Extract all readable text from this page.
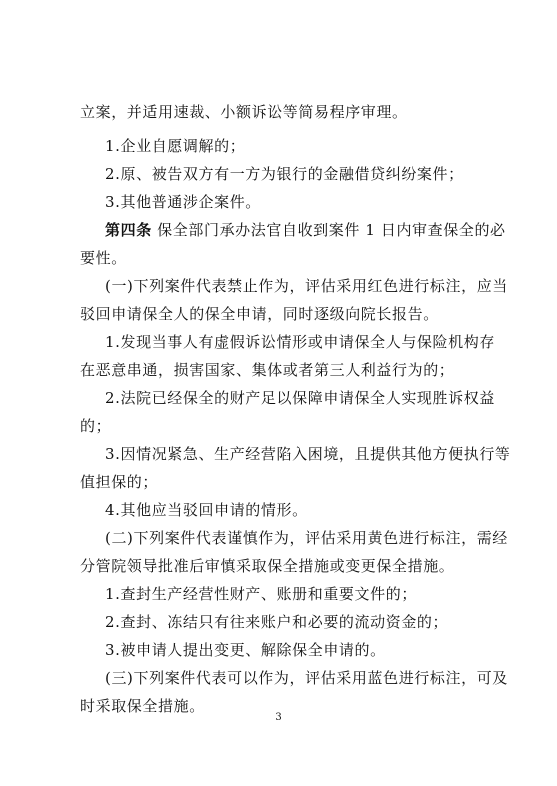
立案，并适用速裁、小额诉讼等简易程序审理。
1.企业自愿调解的；
2.原、被告双方有一方为银行的金融借贷纠纷案件；
3.其他普通涉企案件。
第四条 保全部门承办法官自收到案件 1 日内审查保全的必
要性。
(一)下列案件代表禁止作为，评估采用红色进行标注，应当
驳回申请保全人的保全申请，同时逐级向院长报告。
1.发现当事人有虚假诉讼情形或申请保全人与保险机构存
在恶意串通，损害国家、集体或者第三人利益行为的；
2.法院已经保全的财产足以保障申请保全人实现胜诉权益
的；
3.因情况紧急、生产经营陷入困境，且提供其他方便执行等
值担保的；
4.其他应当驳回申请的情形。
(二)下列案件代表谨慎作为，评估采用黄色进行标注，需经
分管院领导批准后审慎采取保全措施或变更保全措施。
1.查封生产经营性财产、账册和重要文件的；
2.查封、冻结只有往来账户和必要的流动资金的；
3.被申请人提出变更、解除保全申请的。
(三)下列案件代表可以作为，评估采用蓝色进行标注，可及
时采取保全措施。
3
